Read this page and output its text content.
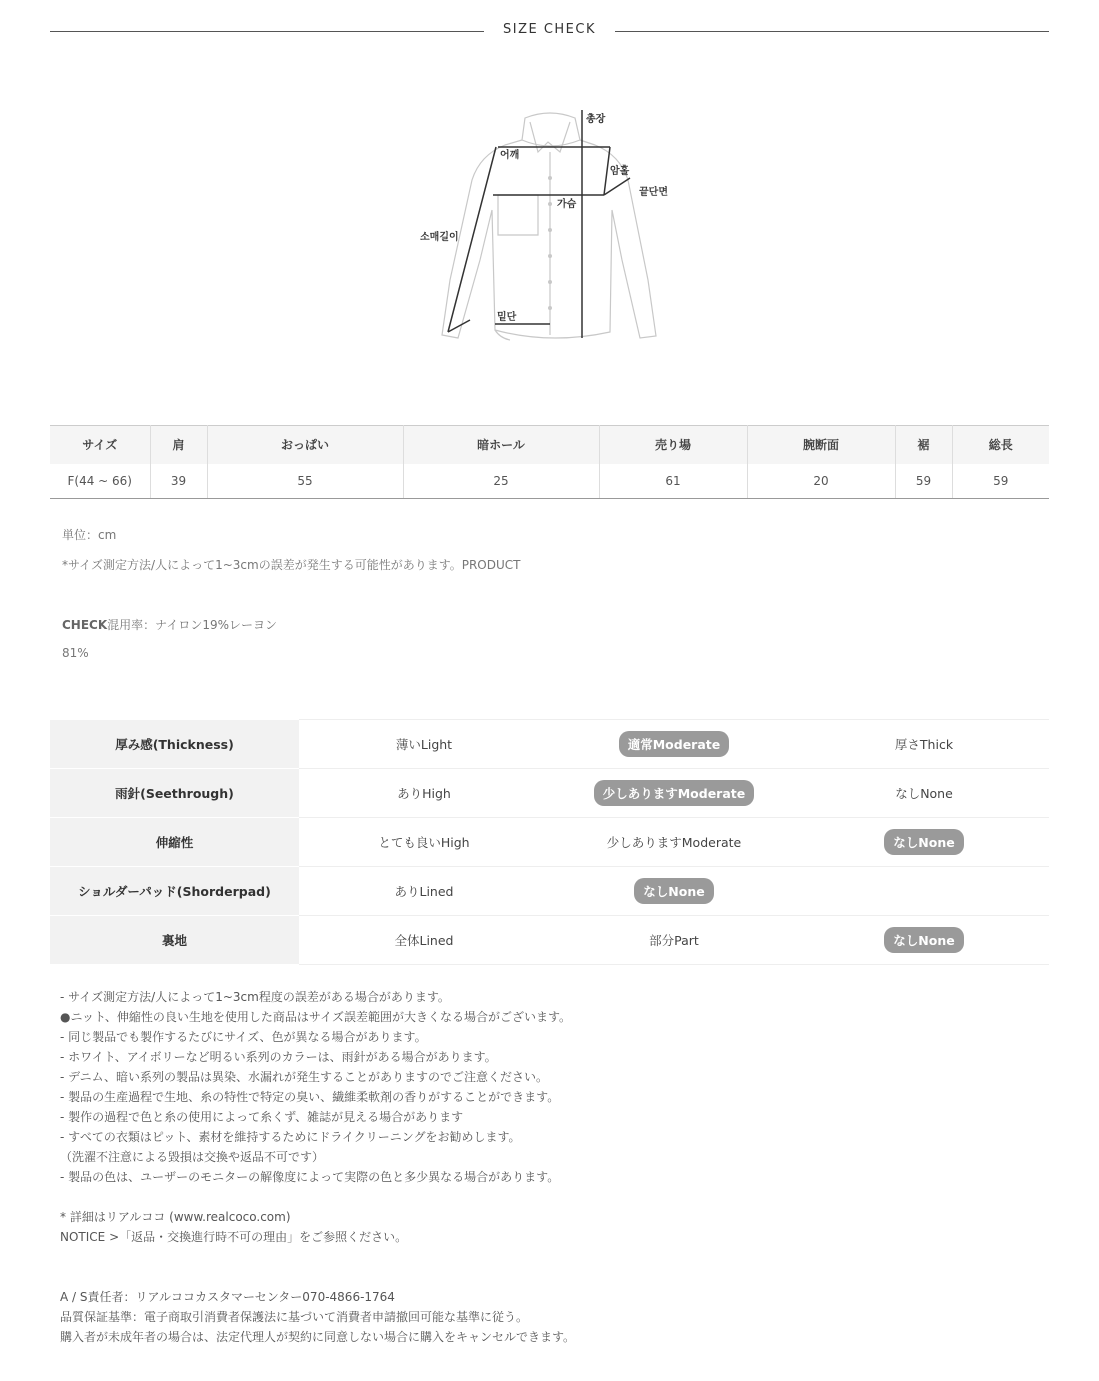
SIZE CHECK
총장
어깨
암홀
가슴
끝단면
소매길이
밑단
サイズ	肩	おっぱい	暗ホール	売り場	腕断面	裾	総長
F(44 ~ 66)	39	55	25	61	20	59	59
単位：cm
*サイズ測定方法/人によって1~3cmの誤差が発生する可能性があります。PRODUCT
CHECK混用率：ナイロン19%レーヨン
81%
厚み感(Thickness)	薄いLight	適常Moderate	厚さThick
雨針(Seethrough)	ありHigh	少しありますModerate	なしNone
伸縮性	とても良いHigh	少しありますModerate	なしNone
ショルダーパッド(Shorderpad)	ありLined	なしNone	
裏地	全体Lined	部分Part	なしNone

- サイズ測定方法/人によって1~3cm程度の誤差がある場合があります。

●ニット、伸縮性の良い生地を使用した商品はサイズ誤差範囲が大きくなる場合がございます。

- 同じ製品でも製作するたびにサイズ、色が異なる場合があります。

- ホワイト、アイボリーなど明るい系列のカラーは、雨針がある場合があります。

- デニム、暗い系列の製品は異染、水漏れが発生することがありますのでご注意ください。

- 製品の生産過程で生地、糸の特性で特定の臭い、繊維柔軟剤の香りがすることができます。

- 製作の過程で色と糸の使用によって糸くず、雑誌が見える場合があります

- すべての衣類はピット、素材を維持するためにドライクリーニングをお勧めします。

（洗濯不注意による毀損は交換や返品不可です）

- 製品の色は、ユーザーのモニターの解像度によって実際の色と多少異なる場合があります。

* 詳細はリアルココ (www.realcoco.com)

NOTICE >「返品・交換進行時不可の理由」をご参照ください。

A / S責任者：リアルココカスタマーセンター070-4866-1764

品質保証基準：電子商取引消費者保護法に基づいて消費者申請撤回可能な基準に従う。

購入者が未成年者の場合は、法定代理人が契約に同意しない場合に購入をキャンセルできます。
